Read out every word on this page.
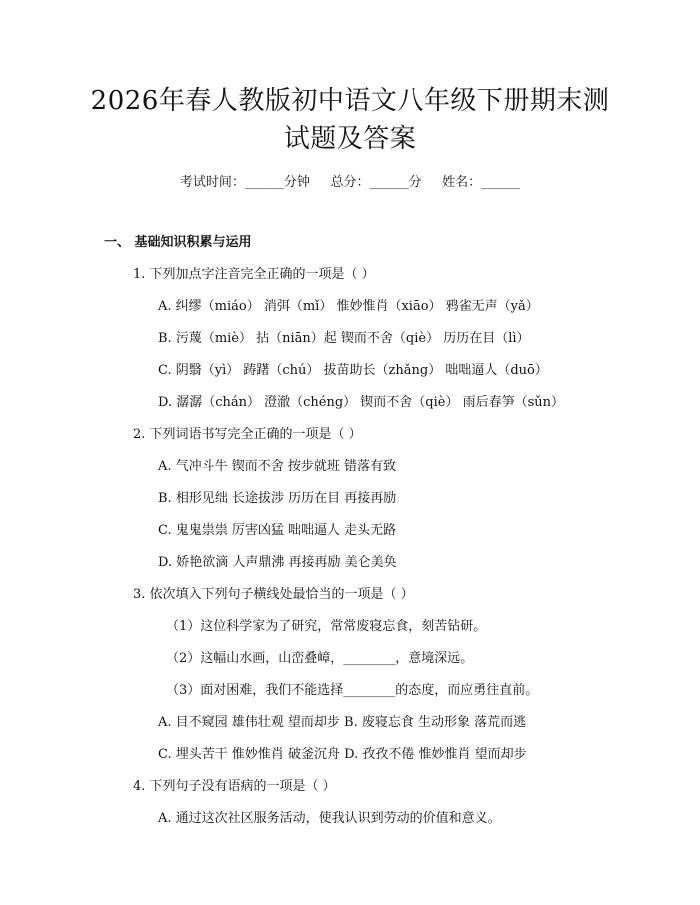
2026年春人教版初中语文八年级下册期末测
试题及答案
考试时间：______分钟     总分：______分     姓名：______
一、 基础知识积累与运用
1. 下列加点字注音完全正确的一项是（ ）
A. 纠缪（miáo） 消弭（mǐ） 惟妙惟肖（xiāo） 鸦雀无声（yǎ）
B. 污蔑（miè） 拈（niān）起 锲而不舍（qiè） 历历在目（lì）
C. 阴翳（yì） 踌躇（chú） 拔苗助长（zhǎng） 咄咄逼人（duō）
D. 潺潺（chán） 澄澈（chéng） 锲而不舍（qiè） 雨后春笋（sǔn）
2. 下列词语书写完全正确的一项是（ ）
A. 气冲斗牛 锲而不舍 按步就班 错落有致
B. 相形见绌 长途拔涉 历历在目 再接再励
C. 鬼鬼祟祟 厉害凶猛 咄咄逼人 走头无路
D. 娇艳欲滴 人声鼎沸 再接再励 美仑美奂
3. 依次填入下列句子横线处最恰当的一项是（ ）
（1）这位科学家为了研究，常常废寝忘食，刻苦钻研。
（2）这幅山水画，山峦叠嶂，________，意境深远。
（3）面对困难，我们不能选择________的态度，而应勇往直前。
A. 目不窥园 雄伟壮观 望而却步 B. 废寝忘食 生动形象 落荒而逃
C. 埋头苦干 惟妙惟肖 破釜沉舟 D. 孜孜不倦 惟妙惟肖 望而却步
4. 下列句子没有语病的一项是（ ）
A. 通过这次社区服务活动，使我认识到劳动的价值和意义。
